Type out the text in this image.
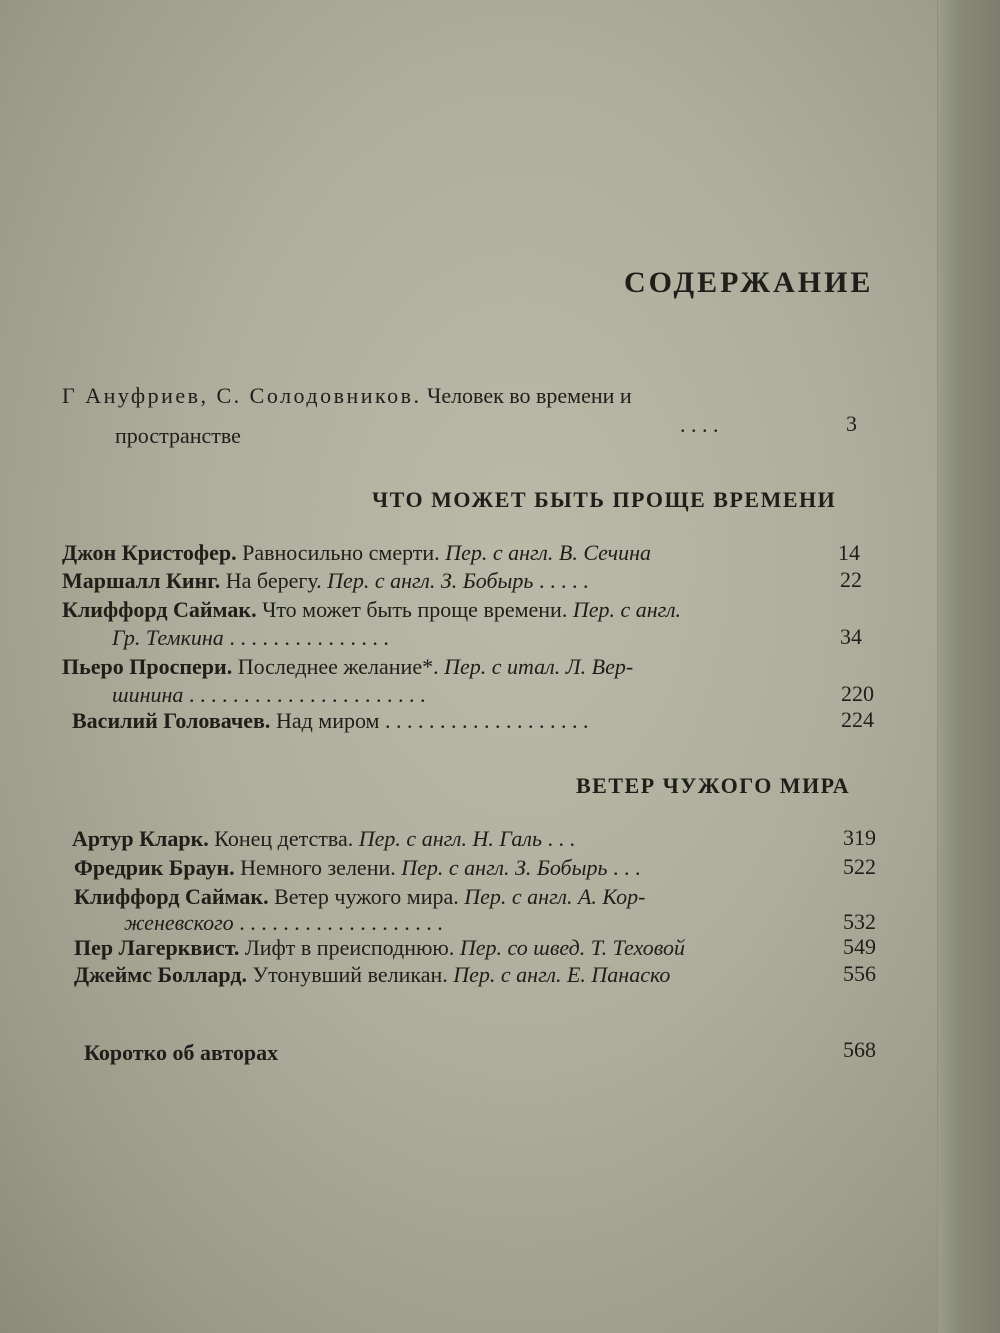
СОДЕРЖАНИЕ
Г Ануфриев, С. Солодовников. Человек во времени и
пространстве	. . . .	3
ЧТО МОЖЕТ БЫТЬ ПРОЩЕ ВРЕМЕНИ
Джон Кристофер. Равносильно смерти. Пер. с англ. В. Сечина	14
Маршалл Кинг. На берегу. Пер. с англ. З. Бобырь . . . . .	22
Клиффорд Саймак. Что может быть проще времени. Пер. с англ.
Гр. Темкина . . . . . . . . . . . . . . .	34
Пьеро Проспери. Последнее желание*. Пер. с итал. Л. Вер-
шинина . . . . . . . . . . . . . . . . . . . . . .	220
Василий Головачев. Над миром . . . . . . . . . . . . . . . . . . .	224
ВЕТЕР ЧУЖОГО МИРА
Артур Кларк. Конец детства. Пер. с англ. Н. Галь . . .	319
Фредрик Браун. Немного зелени. Пер. с англ. З. Бобырь . . .	522
Клиффорд Саймак. Ветер чужого мира. Пер. с англ. А. Кор-
женевского . . . . . . . . . . . . . . . . . . .	532
Пер Лагерквист. Лифт в преисподнюю. Пер. со швед. Т. Теховой	549
Джеймс Боллард. Утонувший великан. Пер. с англ. Е. Панаско	556
Коротко об авторах	568
